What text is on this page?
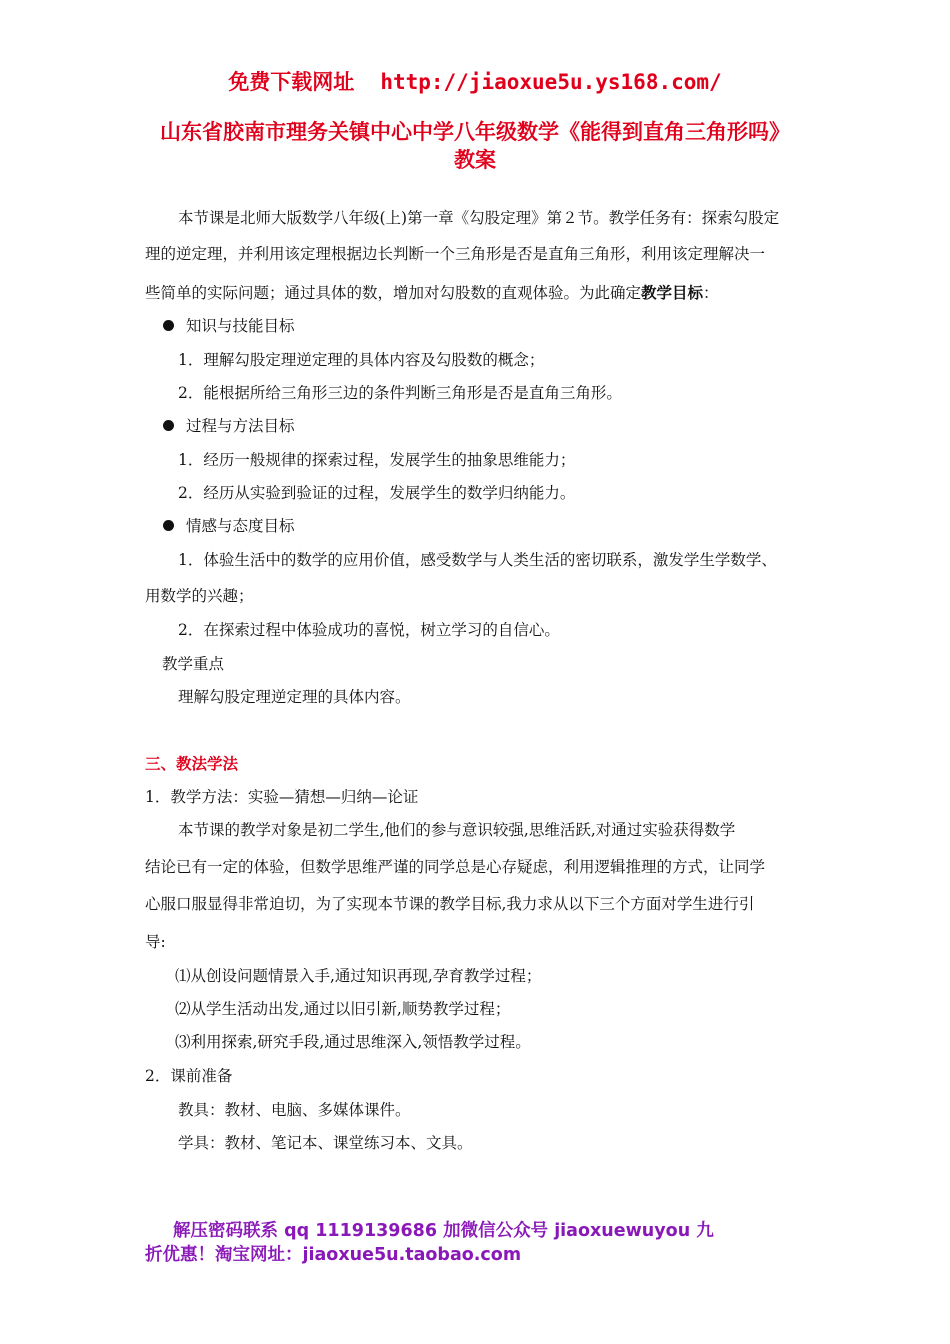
免费下载网址 http://jiaoxue5u.ys168.com/
山东省胶南市理务关镇中心中学八年级数学《能得到直角三角形吗》
教案
本节课是北师大版数学八年级(上)第一章《勾股定理》第２节。教学任务有：探索勾股定
理的逆定理，并利用该定理根据边长判断一个三角形是否是直角三角形，利用该定理解决一
些简单的实际问题；通过具体的数，增加对勾股数的直观体验。为此确定教学目标：
知识与技能目标
1．理解勾股定理逆定理的具体内容及勾股数的概念；
2．能根据所给三角形三边的条件判断三角形是否是直角三角形。
过程与方法目标
1．经历一般规律的探索过程，发展学生的抽象思维能力；
2．经历从实验到验证的过程，发展学生的数学归纳能力。
情感与态度目标
1．体验生活中的数学的应用价值，感受数学与人类生活的密切联系，激发学生学数学、
用数学的兴趣；
2．在探索过程中体验成功的喜悦，树立学习的自信心。
教学重点
理解勾股定理逆定理的具体内容。
三、教法学法
1．教学方法：实验—猜想—归纳—论证
本节课的教学对象是初二学生,他们的参与意识较强,思维活跃,对通过实验获得数学
结论已有一定的体验，但数学思维严谨的同学总是心存疑虑，利用逻辑推理的方式，让同学
心服口服显得非常迫切，为了实现本节课的教学目标,我力求从以下三个方面对学生进行引
导:
⑴从创设问题情景入手,通过知识再现,孕育教学过程；
⑵从学生活动出发,通过以旧引新,顺势教学过程；
⑶利用探索,研究手段,通过思维深入,领悟教学过程。
2．课前准备
教具：教材、电脑、多媒体课件。
学具：教材、笔记本、课堂练习本、文具。
解压密码联系 qq 1119139686 加微信公众号 jiaoxuewuyou 九
折优惠！淘宝网址：jiaoxue5u.taobao.com
